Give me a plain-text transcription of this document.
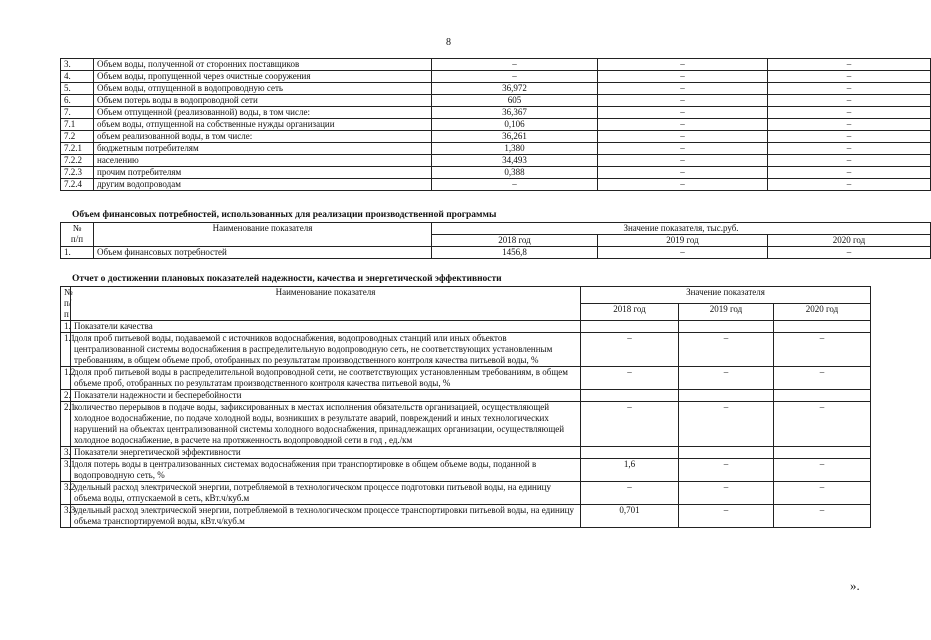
8
3.	Объем воды, полученной от сторонних поставщиков	–	–	–
4.	Объем воды, пропущенной через очистные сооружения	–	–	–
5.	Объем воды, отпущенной в водопроводную сеть	36,972	–	–
6.	Объем потерь воды в водопроводной сети	605	–	–
7.	Объем отпущенной (реализованной) воды, в том числе:	36,367	–	–
7.1	объем воды, отпущенной на собственные нужды организации	0,106	–	–
7.2	объем реализованной воды, в том числе:	36,261	–	–
7.2.1	бюджетным потребителям	1,380	–	–
7.2.2	населению	34,493	–	–
7.2.3	прочим потребителям	0,388	–	–
7.2.4	другим водопроводам	–	–	–
Объем финансовых потребностей, использованных для реализации производственной программы
№
п/п	Наименование показателя	Значение показателя, тыс.руб.		
		2018 год	2019 год	2020 год
1.	Объем финансовых потребностей	1456,8	–	–
Отчет о достижении плановых показателей надежности, качества и энергетической эффективности
№
п/п	Наименование показателя	Значение показателя		
		2018 год	2019 год	2020 год
1.	Показатели качества			
1.1	доля проб питьевой воды, подаваемой с источников водоснабжения, водопроводных станций или иных объектов централизованной системы водоснабжения в распределительную водопроводную сеть, не соответствующих установленным требованиям, в общем объеме проб, отобранных по результатам производственного контроля качества питьевой воды, %	–	–	–
1.2	доля проб питьевой воды в распределительной водопроводной сети, не соответствующих установленным требованиям, в общем объеме проб, отобранных по результатам производственного контроля качества питьевой воды, %	–	–	–
2.	Показатели надежности и бесперебойности			
2.1	количество перерывов в подаче воды, зафиксированных в местах исполнения обязательств организацией, осуществляющей холодное водоснабжение, по подаче холодной воды, возникших в результате аварий, повреждений и иных технологических нарушений на объектах централизованной системы холодного водоснабжения, принадлежащих организации, осуществляющей холодное водоснабжение, в расчете на протяженность водопроводной сети в год , ед./км	–	–	–
3.	Показатели энергетической эффективности			
3.1	доля потерь воды в централизованных системах водоснабжения при транспортировке в общем объеме воды, поданной в водопроводную сеть, %	1,6	–	–
3.2	удельный расход электрической энергии, потребляемой в технологическом процессе подготовки питьевой воды, на единицу объема воды, отпускаемой в сеть, кВт.ч/куб.м	–	–	–
3.3	удельный расход электрической энергии, потребляемой в технологическом процессе транспортировки питьевой воды, на единицу объема транспортируемой воды, кВт.ч/куб.м	0,701	–	–
».
